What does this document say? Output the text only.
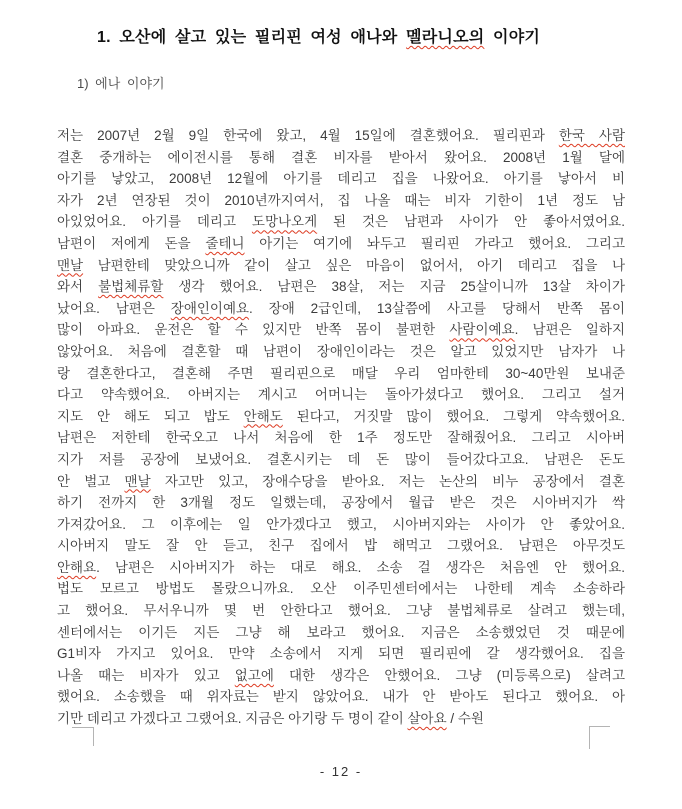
1. 오산에 살고 있는 필리핀 여성 애나와 멜라니오의 이야기
1) 에나 이야기
저는 2007년 2월 9일 한국에 왔고, 4월 15일에 결혼했어요. 필리핀과 한국 사람
결혼 중개하는 에이전시를 통해 결혼 비자를 받아서 왔어요. 2008년 1월 달에
아기를 낳았고, 2008년 12월에 아기를 데리고 집을 나왔어요. 아기를 낳아서 비
자가 2년 연장된 것이 2010년까지여서, 집 나올 때는 비자 기한이 1년 정도 남
아있었어요. 아기를 데리고 도망나오게 된 것은 남편과 사이가 안 좋아서였어요.
남편이 저에게 돈을 줄테니 아기는 여기에 놔두고 필리핀 가라고 했어요. 그리고
맨날 남편한테 맞았으니까 같이 살고 싶은 마음이 없어서, 아기 데리고 집을 나
와서 불법체류할 생각 했어요. 남편은 38살, 저는 지금 25살이니까 13살 차이가
났어요. 남편은 장애인이예요. 장애 2급인데, 13살쯤에 사고를 당해서 반쪽 몸이
많이 아파요. 운전은 할 수 있지만 반쪽 몸이 불편한 사람이예요. 남편은 일하지
않았어요. 처음에 결혼할 때 남편이 장애인이라는 것은 알고 있었지만 남자가 나
랑 결혼한다고, 결혼해 주면 필리핀으로 매달 우리 엄마한테 30~40만원 보내준
다고 약속했어요. 아버지는 계시고 어머니는 돌아가셨다고 했어요. 그리고 설거
지도 안 해도 되고 밥도 안해도 된다고, 거짓말 많이 했어요. 그렇게 약속했어요.
남편은 저한테 한국오고 나서 처음에 한 1주 정도만 잘해줬어요. 그리고 시아버
지가 저를 공장에 보냈어요. 결혼시키는 데 돈 많이 들어갔다고요. 남편은 돈도
안 벌고 맨날 자고만 있고, 장애수당을 받아요. 저는 논산의 비누 공장에서 결혼
하기 전까지 한 3개월 정도 일했는데, 공장에서 월급 받은 것은 시아버지가 싹
가져갔어요. 그 이후에는 일 안가겠다고 했고, 시아버지와는 사이가 안 좋았어요.
시아버지 말도 잘 안 듣고, 친구 집에서 밥 해먹고 그랬어요. 남편은 아무것도
안해요. 남편은 시아버지가 하는 대로 해요. 소송 걸 생각은 처음엔 안 했어요.
법도 모르고 방법도 몰랐으니까요. 오산 이주민센터에서는 나한테 계속 소송하라
고 했어요. 무서우니까 몇 번 안한다고 했어요. 그냥 불법체류로 살려고 했는데,
센터에서는 이기든 지든 그냥 해 보라고 했어요. 지금은 소송했었던 것 때문에
G1비자 가지고 있어요. 만약 소송에서 지게 되면 필리핀에 갈 생각했어요. 집을
나올 때는 비자가 있고 없고에 대한 생각은 안했어요. 그냥 (미등록으로) 살려고
했어요. 소송했을 때 위자료는 받지 않았어요. 내가 안 받아도 된다고 했어요. 아
기만 데리고 가겠다고 그랬어요. 지금은 아기랑 두 명이 같이 살아요 / 수원
- 12 -
